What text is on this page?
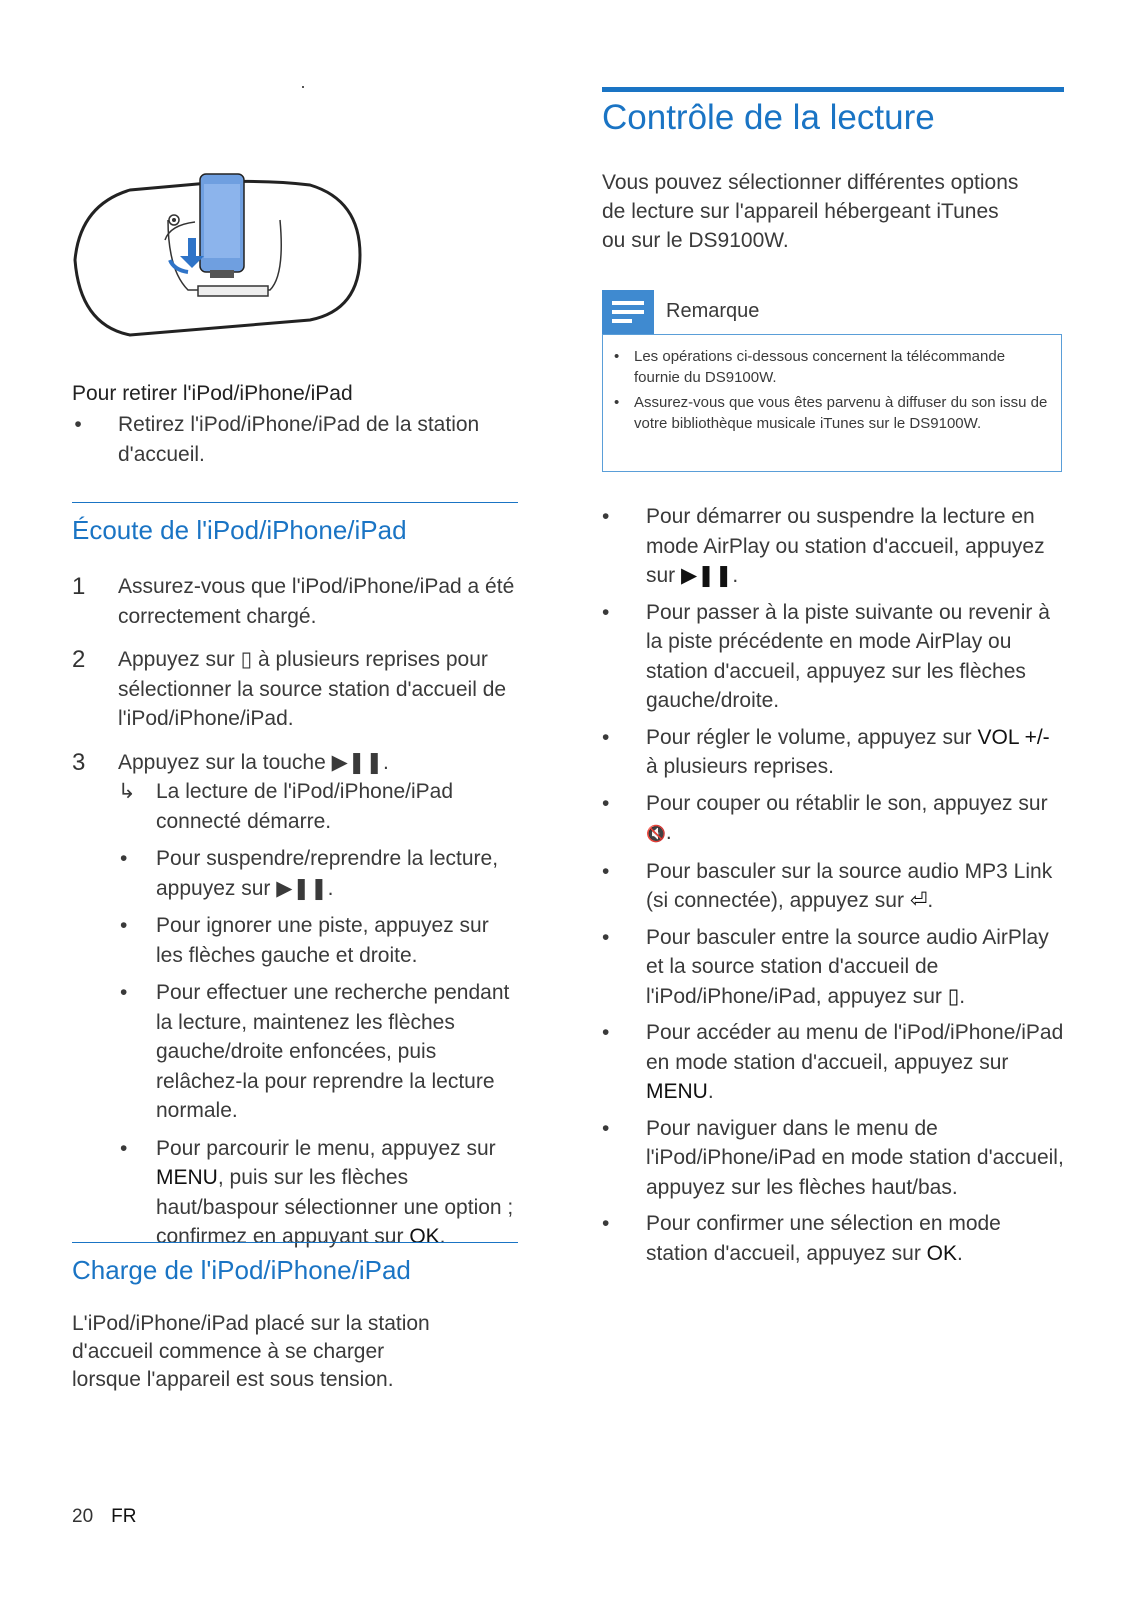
Pour retirer l'iPod/iPhone/iPad
• Retirez l'iPod/iPhone/iPad de la station d'accueil.
Écoute de l'iPod/iPhone/iPad
1 Assurez-vous que l'iPod/iPhone/iPad a été correctement chargé.
2 Appuyez sur ▯ à plusieurs reprises pour sélectionner la source station d'accueil de l'iPod/iPhone/iPad.
3 Appuyez sur la touche ▶❚❚.
↳ La lecture de l'iPod/iPhone/iPad connecté démarre.
• Pour suspendre/reprendre la lecture, appuyez sur ▶❚❚.
• Pour ignorer une piste, appuyez sur les flèches gauche et droite.
• Pour effectuer une recherche pendant la lecture, maintenez les flèches gauche/droite enfoncées, puis relâchez-la pour reprendre la lecture normale.
• Pour parcourir le menu, appuyez sur MENU, puis sur les flèches haut/baspour sélectionner une option ; confirmez en appuyant sur OK.
Charge de l'iPod/iPhone/iPad
L'iPod/iPhone/iPad placé sur la station d'accueil commence à se charger lorsque l'appareil est sous tension.
Contrôle de la lecture
Vous pouvez sélectionner différentes options de lecture sur l'appareil hébergeant iTunes ou sur le DS9100W.
Remarque
• Les opérations ci-dessous concernent la télécommande fournie du DS9100W.
• Assurez-vous que vous êtes parvenu à diffuser du son issu de votre bibliothèque musicale iTunes sur le DS9100W.
• Pour démarrer ou suspendre la lecture en mode AirPlay ou station d'accueil, appuyez sur ▶❚❚.
• Pour passer à la piste suivante ou revenir à la piste précédente en mode AirPlay ou station d'accueil, appuyez sur les flèches gauche/droite.
• Pour régler le volume, appuyez sur VOL +/- à plusieurs reprises.
• Pour couper ou rétablir le son, appuyez sur 🔇.
• Pour basculer sur la source audio MP3 Link (si connectée), appuyez sur ⏎.
• Pour basculer entre la source audio AirPlay et la source station d'accueil de l'iPod/iPhone/iPad, appuyez sur ▯.
• Pour accéder au menu de l'iPod/iPhone/iPad en mode station d'accueil, appuyez sur MENU.
• Pour naviguer dans le menu de l'iPod/iPhone/iPad en mode station d'accueil, appuyez sur les flèches haut/bas.
• Pour confirmer une sélection en mode station d'accueil, appuyez sur OK.
20 FR
